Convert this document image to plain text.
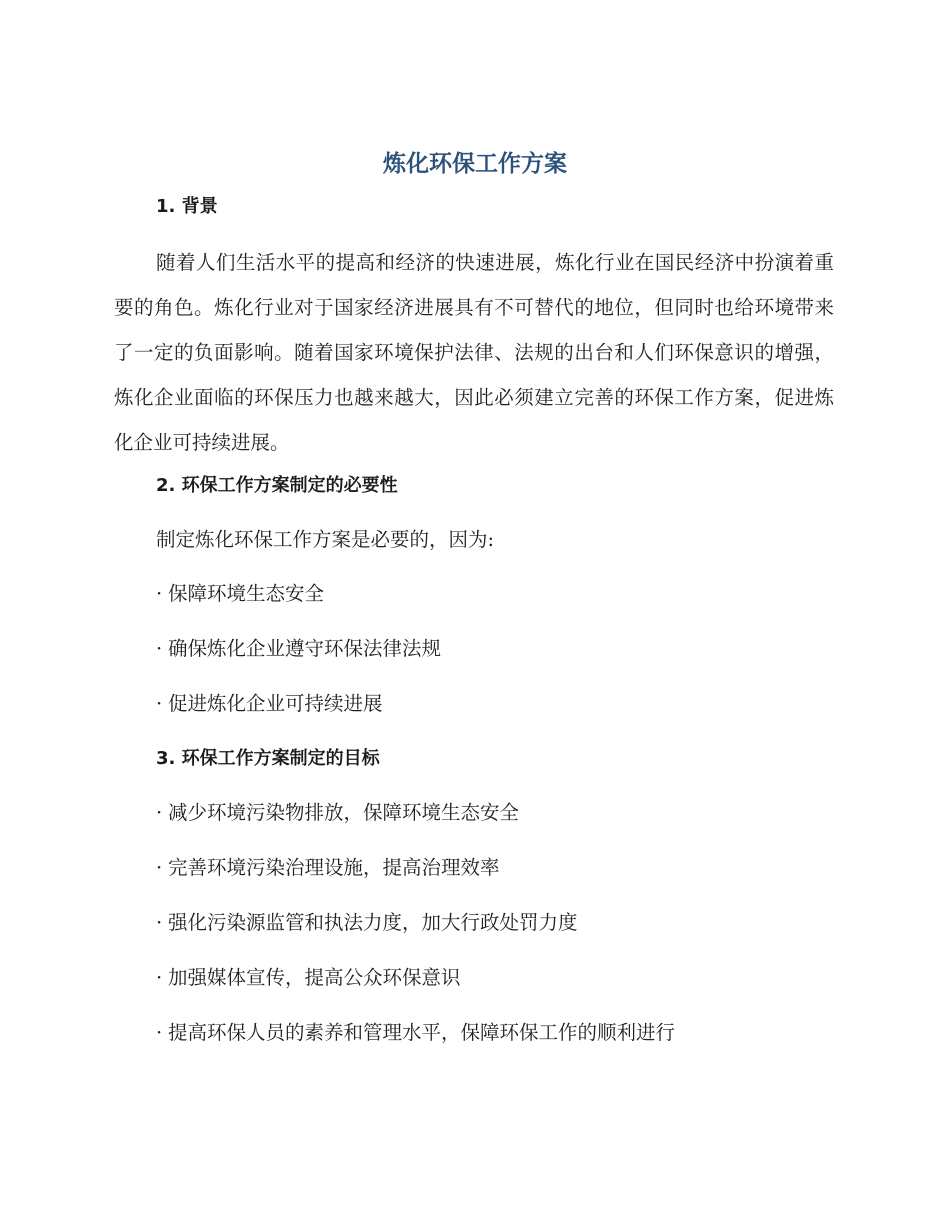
炼化环保工作方案
1. 背景
随着人们生活水平的提高和经济的快速进展，炼化行业在国民经济中扮演着重要的角色。炼化行业对于国家经济进展具有不可替代的地位，但同时也给环境带来了一定的负面影响。随着国家环境保护法律、法规的出台和人们环保意识的增强，炼化企业面临的环保压力也越来越大，因此必须建立完善的环保工作方案，促进炼化企业可持续进展。
2. 环保工作方案制定的必要性
制定炼化环保工作方案是必要的，因为:
· 保障环境生态安全
· 确保炼化企业遵守环保法律法规
· 促进炼化企业可持续进展
3. 环保工作方案制定的目标
· 减少环境污染物排放，保障环境生态安全
· 完善环境污染治理设施，提高治理效率
· 强化污染源监管和执法力度，加大行政处罚力度
· 加强媒体宣传，提高公众环保意识
· 提高环保人员的素养和管理水平，保障环保工作的顺利进行
